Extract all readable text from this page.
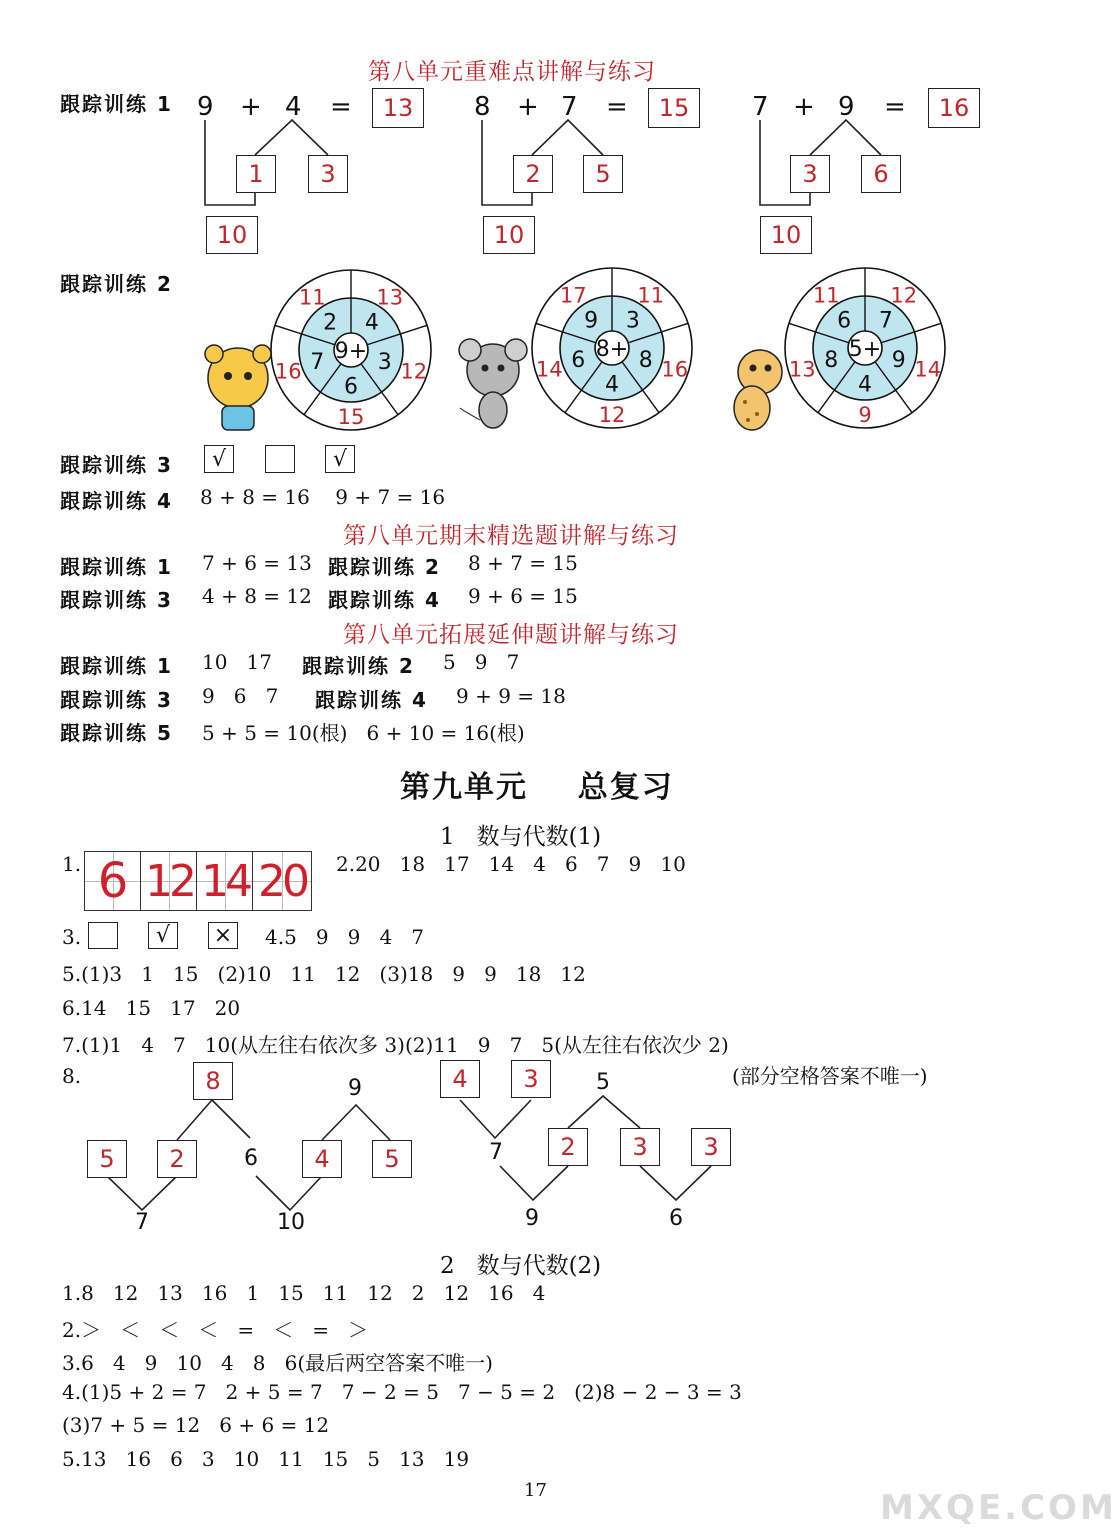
第八单元重难点讲解与练习
跟踪训练 1 9 + 4 =	13
1	3
10
8 + 7 =	15
2	5
10
7 + 9 =	16
3	6
10
跟踪训练 2
9+
2 4
3
6
7
11 13
12
15
16
8+
9 3
8
4
6
17 11
16
12
14
5+
6 7
9
4
8
11 12
14
9
13
跟踪训练 3	√	√
跟踪训练 4 8 + 8 = 16    9 + 7 = 16
第八单元期末精选题讲解与练习
跟踪训练 1 7 + 6 = 13 跟踪训练 2 8 + 7 = 15
跟踪训练 3 4 + 8 = 12 跟踪训练 4 9 + 6 = 15
第八单元拓展延伸题讲解与练习
跟踪训练 1 10   17 跟踪训练 2 5   9   7
跟踪训练 3 9   6   7 跟踪训练 4 9 + 9 = 18
跟踪训练 5 5 + 5 = 10(根)   6 + 10 = 16(根)
第九单元    总复习
1   数与代数(1)
1. 6 12 14 20	2.20   18   17   14   4   6   7   9   10
3.	√	× 4.5   9   9   4   7
5.(1)3   1   15   (2)10   11   12   (3)18   9   9   18   12
6.14   15   17   20
7.(1)1   4   7   10(从左往右依次多 3)(2)11   9   7   5(从左往右依次少 2)
8.	(部分空格答案不唯一)
8
5	2	4	5
9
6
7	10
4	3
2	3	3
5
7
9	6
2   数与代数(2)
1.8   12   13   16   1   15   11   12   2   12   16   4
2.＞   ＜   ＜   ＜   =   ＜   =   ＞
3.6   4   9   10   4   8   6(最后两空答案不唯一)
4.(1)5 + 2 = 7   2 + 5 = 7   7 − 2 = 5   7 − 5 = 2   (2)8 − 2 − 3 = 3
(3)7 + 5 = 12   6 + 6 = 12
5.13   16   6   3   10   11   15   5   13   19
17	MXQE.COM
